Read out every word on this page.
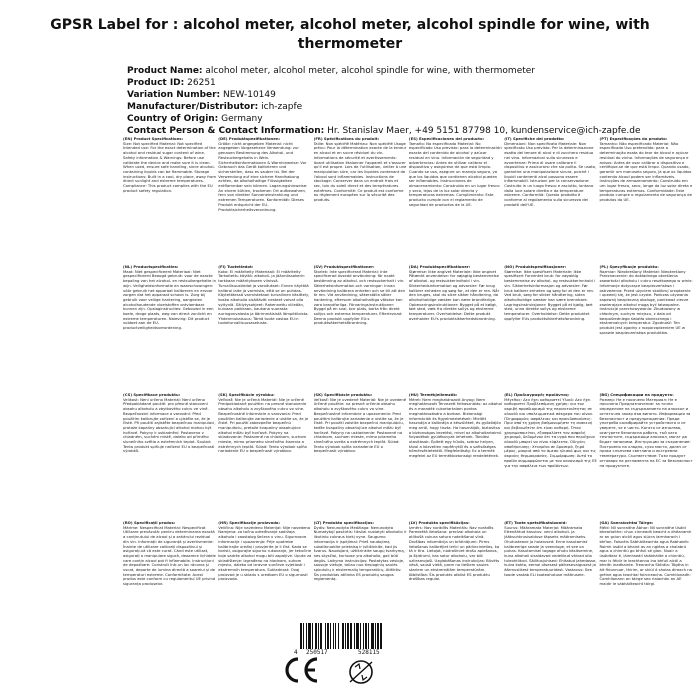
GPSR Label for : alcohol meter, alcohol meter, alcohol spindle for wine, with thermometer
Product Name: alcohol meter, alcohol meter, alcohol spindle for wine, with thermometer
Product ID: 26251
Variation Number: NEW-10149
Manufacturer/Distributor: ich-zapfe
Country of Origin: Germany
Contact Person & Contact Information: Hr. Stanislav Maer, +49 5151 87798 10, kundenservice@ich-zapfe.de
(EN) Product Specifications:
Size: Not specified Material: Not specified Intended use: For the exact determination of the alcohol and residual sugar content of wine. Safety information & Warnings: Before use calibrate the device and make sure it is clean. When used, ensure safe handling, since alcohol-containing liquids can be flammable. Storage instructions: Built in a cool, dry place, away from direct sunlight and extreme temperatures. Compliance: This product complies with the EU product safety regulation.
(DE) Produktspezifikationen:
Größe: nicht angegeben Material: nicht angegeben Vorgesehene Verwendung: zur genauen Bestimmung des Alkohol- und Restzuckergehalts in Wein. Sicherheitsinformationen & Warnhinweise: Vor Gebrauch das Gerät kalibrieren und sicherstellen, dass es sauber ist. Bei der Verwendung auf eine sichere Handhabung achten, da alkoholhaltige Flüssigkeiten entflammbar sein können. Lagerungshinweise: An einem kühlen, trockenen Ort aufbewahren, fern von direkter Sonneneinstrahlung und extremen Temperaturen. Konformität: Dieses Produkt entspricht der EU-Produktsicherheitsverordnung.
(FR) Spécifications du produit:
Taille: Non spécifié Matériau: Non spécifié Usage prévu: Pour la détermination exacte de la teneur en alcool et en sucre résiduel du vin. Informations de sécurité et avertissements: Avant utilisation étalonner l'appareil et s'assurer qu'il est propre. Lors de l'utilisation, veiller à une manipulation sûre, car les liquides contenant de l'alcool sont inflammables. Instructions de stockage: Conserver dans un endroit frais et sec, loin du soleil direct et des températures extrêmes. Conformité: Ce produit est conforme au règlement européen sur la sécurité des produits.
(ES) Especificaciones del producto:
Tamaño: No especificado Material: No especificado Uso previsto: para la determinación exacta del contenido de alcohol y azúcar residual en vino. Información de seguridad y advertencias: Antes de utilizar calibrar el dispositivo y asegúrese de que está limpio. Cuando se usa, asegure un manejo seguro, ya que los líquidos que contienen alcohol pueden ser inflamables. Instrucciones de almacenamiento: Construido en un lugar fresco y seco, lejos de la luz solar directa y temperaturas extremas. Cumplimiento: Este producto cumple con el reglamento de seguridad de productos de la UE.
(IT) Specifiche del prodotto:
Dimensioni: Non specificato Materiale: Non specificato Uso previsto: Per la determinazione esatta del tenore di alcol e di zucchero residuo nel vino. Informazioni sulla sicurezza e avvertenze: Prima di usare calibrare il dispositivo e assicurarsi che sia pulito. Se usato, garantire una manipolazione sicura, poiché i liquidi contenenti alcol possono essere infiammabili. Istruzioni per la conservazione: Costruito in un luogo fresco e asciutto, lontano dalla luce solare diretta e da temperature estreme. Conformità: Questo prodotto è conforme al regolamento sulla sicurezza dei prodotti dell'UE.
(PT) Especificações do produto:
Tamanho: Não especificado Material: Não especificado Uso pretendido: para a determinação exata do teor de álcool e açúcar residual do vinho. Informações de segurança e avisos: Antes de usar calibrar o dispositivo e certifique-se de que está limpo. Quando usado, garantir um manuseio seguro, já que os líquidos contendo álcool podem ser inflamáveis. Instruções de armazenamento: Construído em um lugar fresco, seco, longe da luz solar direta e temperaturas extremas. Conformidade: Este produto cumpre o regulamento de segurança de produtos da UE.
(NL) Productspecificaties:
Maat: Niet gespecificeerd Materiaal: Niet gespecificeerd Beoogd gebruik: voor de exacte bepaling van het alcohol- en restsuikergehalte in wijn. Veiligheidsinformatie en waarschuwingen: vóór gebruik het apparaat kalibreren en ervoor zorgen dat het apparaat schoon is. Zorg bij gebruik voor veilige hantering, aangezien alcoholhoudende vloeistoffen ontvlambaar kunnen zijn. Opslaginstructies: Gebouwd in een koele, droge plaats, weg van direct zonlicht en extreme temperaturen. Naleving: Dit product voldoet aan de EU-productveiligheidsverordening.
(FI) Tuotetiedot:
Koko: Ei määritelty Materiaali: Ei määritelty Tarkoitettu käyttö: alkoholi- ja jäännössokerin tarkkaan määritykseen viinissä. Turvallisuustiedot ja varoitukset: Ennen käyttöä kalibroi laite ja varmista, että se on puhdas. Käytettäessä varmistetaan turvallinen käsittely, koska alkoholia sisältävät nesteet voivat olla syttyviä. Säilytysohjeet: Rakennettu viileään, kuivaan paikkaan, kaukana suorasta auringonvalosta ja äärimmäisistä lämpötiloista. Yhdenmukaisuus: Tämä tuote vastaa EU:n tuoteturvallisuusasetusta.
(SV) Produktspecifikationer:
Storlek: Inte specificerad Material: Inte specificerad Avsedd användning: för exakt bestämning av alkohol- och restsockerhalt i vin. Säkerhetsinformation och varningar: Innan användning kalibrera enheten och se till att den är ren. Vid användning, säkerställa säker hantering, eftersom alkoholhaltiga vätskor kan vara brandfarliga. Förvaringsinstruktioner: Byggd på en sval, torr plats, borta från direkt solljus och extrema temperaturer. Efterlevnad: Denna produkt uppfyller EU:s produktsäkerhetsförordning.
(DA) Produktspecifikationer:
Størrelse: Ikke angivet Materiale: Ikke angivet Påtænkt anvendelse: for nøjagtig bestemmelse af alkohol- og restsukkerindhold i vin. Sikkerhedsinformation og advarsler: Før brug kalibrer enheden og sørg for, at den er ren. Når den bruges, skal du sikre sikker håndtering, da alkoholholdige væsker kan være brandfarlige. Opbevaringsinstruktioner: Bygget på et køligt, tørt sted, væk fra direkte sollys og ekstreme temperaturer. Overholdelse: Dette produkt overholder EU's produktsikkerhedsforordning.
(NO) Produktspesifikasjoner:
Størrelse: Ikke spesifisert Materiale: Ikke spesifisert Forventet bruk: for nøyaktig bestemmelse av alkohol- og restsukkerinnhold i vin. Sikkerhetsinformasjon og advarsler: Før bruk kalibrer enheten og sørg for at den er ren. Ved bruk, sørg for sikker håndtering, siden alkoholholdige væsker kan være brennbare. Lagringsinstruksjoner: Bygget på et kjølig, tørt sted, unna direkte sollys og ekstreme temperaturer. Overholdelse: Dette produktet oppfyller EUs produktsikkerhetsforordning.
(PL) Specyfikacje produktu:
Rozmiar: Nieokreślony Materiał: Nieokreślony Przeznaczenie: do dokładnego określenia zawartości alkoholu i cukru resztkowego w winie. Informacje dotyczące bezpieczeństwa i ostrzeżenia: Przed użyciem skalibruj urządzenie i upewnij się, że jest czyste. Podczas używania zapewnij bezpieczną obsługę, ponieważ ciecze zawierające alkohol mogą być łatwopalne. Instrukcje przechowywania: Zbudowany w chłodnym, suchym miejscu, z dala od bezpośredniego światła słonecznego i ekstremalnych temperatur. Zgodność: Ten produkt jest zgodny z rozporządzeniem UE w sprawie bezpieczeństwa produktów.
(CS) Specifikace produktu:
Velikost: Není určeno Materiál: Není určeno Předpokládané použití: pro přesné stanovení obsahu alkoholu a zbytkového cukru ve víně. Bezpečnostní informace a varování: Před použitím kalibrujte zařízení a ujistěte se, že je čisté. Při použití zajistěte bezpečnou manipulaci, protože kapaliny obsahující alkohol mohou být hořlavé. Pokyny k uskladnění: Postaveno v chladném, suchém místě, daleko od přímého slunečního světla a extrémních teplot. Soulad: Tento produkt splňuje nařízení EU o bezpečnosti výrobků.
(SK) Špecifikácie výrobku:
Veľkosť: Nie je určená Materiál: Nie je určené Predpokladané použitie: na presné stanovenie obsahu alkoholu a zvyškového cukru vo víne. Bezpečnostné informácie a varovania: Pred použitím kalibrujte zariadenie a uistite sa, že je čisté. Pri použití zabezpečte bezpečnú manipuláciu, pretože kvapaliny obsahujúce alkohol môžu byť horľavé. Pokyny na skladovanie: Postavené na chladnom, suchom mieste, mimo priameho slnečného žiarenia a extrémnych teplôt. Súlad: Tento výrobok spĺňa nariadenie EÚ o bezpečnosti výrobkov.
(SK) Špecifikácie produktu:
Veľkosť: Nie je uvedené Materiál: Nie je uvedené Určené použitie: na presné určenie obsahu alkoholu a zvyškového cukru vo víne. Bezpečnostné informácie a upozornenia: Pred použitím kalibrujte zariadenie a uistite sa, že je čisté. Pri použití zaistite bezpečnú manipuláciu, keďže kvapaliny obsahujúce alkohol môžu byť horľavé. Pokyny na uskladnenie: Postavené na chladnom, suchom mieste, mimo priameho slnečného svetla a extrémnych teplôt. Súlad: Tento výrobok spĺňa nariadenie EÚ o bezpečnosti výrobkov.
(HU) Termékjellemzők:
Méret: Nem meghatározott Anyag: Nem meghatározott Tervezett felhasználás: az alkohol és a maradék cukortartalom pontos meghatározására a borban. Biztonsági információk és figyelmeztetések: Mielőtt használja a kalibrálja a készüléket, és győződjön meg arról, hogy tiszta. Ha használják, biztosítsa a biztonságos kezelést, mivel az alkoholtartalmú folyadékok gyúlékonyak lehetnek. Tárolási utasítások: Épített egy hűvös, száraz helyen, távol a közvetlen napfénytől és a szélsőséges hőmérsékletektől. Megfelelőség: Ez a termék megfelel az EU termékbiztonsági rendeletének.
(EL) Προδιαγραφές προϊόντος:
Μέγεθος: Δεν έχει καθοριστεί Υλικό: Δεν έχει καθοριστεί Προβλεπόμενη χρήση: για τον ακριβή προσδιορισμό της περιεκτικότητας σε αλκοόλ και υπολειμματικά σάκχαρα του οίνου. Πληροφορίες ασφάλειας και προειδοποιήσεις: Πριν από τη χρήση βαθμονομήστε τη συσκευή και βεβαιωθείτε ότι είναι καθαρή. Όταν χρησιμοποιείται, εξασφαλίστε τον ασφαλή χειρισμό, δεδομένου ότι τα υγρά που περιέχουν αλκοόλ μπορεί να είναι εύφλεκτα. Οδηγίες αποθήκευσης: Χτισμένο σε δροσερό, ξηρό μέρος, μακριά από το άμεσο ηλιακό φως και τις ακραίες θερμοκρασίες. Συμμόρφωση: Αυτό το προϊόν συμμορφώνεται με τον κανονισμό της ΕΕ για την ασφάλεια των προϊόντων.
(BG) Спецификации на продукта:
Размер: Не е посочено Материал: Не е посочено Предназначение: за точно определяне на съдържанието на алкохол и остатъчна захар във виното. Информация за безопасност и предупреждения: Преди употреба калибрирайте устройството и се уверете, че е чисто. Когато се използва, осигурете безопасна работа, тъй като течностите, съдържащи алкохол, могат да бъдат запалими. Инструкции за съхранение: Построено на хладно, сухо място, далеч от пряка слънчева светлина и екстремни температури. Съответствие: Този продукт отговаря на регламента на ЕС за безопасност на продуктите.
(RO) Specificații produs:
Mărime: Nespecificat Material: Nespecificat Utilizare prevăzută: pentru determinarea exactă a conținutului de alcool și a zahărului rezidual din vin. Informații de siguranță și avertismente: Înainte de utilizare calibrați dispozitivul și asigurați-vă că este curat. Când este utilizat, asigurați o manipulare sigură, deoarece lichidele care conțin alcool pot fi inflamabile. Instrucțiuni de depozitare: Construit într-un loc răcoros și uscat, departe de lumina directă a soarelui și de temperaturi extreme. Conformitate: Acest produs este conform cu regulamentul UE privind siguranța produselor.
(HR) Specifikacije proizvoda:
Veličina: Nije navedeno Materijal: Nije navedeno Namjena: za točno određivanje sadržaja alkohola i zaostalog šećera u vinu. Sigurnosne informacije i upozorenja: Prije upotrebe kalibrirajte uređaj i provjerite je li čist. Kada se koristi, osigurajte sigurno rukovanje, jer tekućine koje sadrže alkohol mogu biti zapaljive. Upute za skladištenje: Izgrađeno na hladnom, suhom mjestu, daleko od izravne sunčeve svjetlosti i ekstremnih temperatura. Sukladnost: Ovaj proizvod je u skladu s uredbom EU o sigurnosti proizvoda.
(LT) Produkto specifikacijos:
Dydis: Nenurodyta Medžiaga: Nenurodyta Numatytoji paskirtis: tiksliai nustatyti alkoholio ir likutinio cukraus kiekį vyne. Saugumo informacija ir įspėjimai: Prieš naudojimą sukalibruokite prietaisą ir įsitikinkite, kad jis švarus. Naudojant, užtikrinkite saugų tvarkymą, nes skysčiai, kuriuose yra alkoholio, gali būti degūs. Laikymo instrukcijos: Pastatytas vėsioje, sausoje vietoje, toliau nuo tiesioginių saulės spindulių ir ekstremalių temperatūrų. Atitiktis: Šis produktas atitinka ES produktų saugos reglamentą.
(LV) Produkta specifikācijas:
Izmērs: Nav norādīts Materiāls: Nav norādīts Paredzētā lietošana: precīzai alkohola un atlikušā cukura satura noteikšanai vīnā. Drošības informācija un brīdinājumi: Pirms lietošanas kalibrējiet ierīci un pārliecinieties, ka tā ir tīra. Lietojot, nodrošiniet drošu apiešanos, jo šķidrumi, kas satur alkoholu, var būt uzliesmojoši. Uzglabāšanas instrukcijas: Būvēts vēsā, sausā vietā, prom no tiešiem saules stariem un ekstremālām temperatūrām. Atbilstība: Šis produkts atbilst ES produktu drošības regulai.
(ET) Toote spetsifikatsioonid:
Suurus: Määramata Materjal: Määramata Ettenähtud kasutus: veini alkoholi- ja jääksuhkrusisalduse täpseks määramiseks. Ohutusteave ja hoiatused: Enne kasutamist kalibreerige seade ja veenduge, et see on puhas. Kasutamisel tagage ohutu käsitsemine, kuna alkoholi sisaldavad vedelikud võivad olla tuleohtlikud. Säilitusjuhised: Ehitatud jahedasse, kuiva kohta, eemal otsesest päikesevalgusest ja äärmuslikest temperatuuridest. Vastavus: See toode vastab ELi tooteohutuse määrusele.
(GA) Sonraíochtaí Táirge:
Méid: Níl sonraithe Ábhar: Níl sonraithe Úsáid bheartaithe: chun cinneadh beacht a dhéanamh ar an gcion alcóil agus siúcra iarmharach i bhfíon. Faisnéis Sábháilteachta agus Rabhaidh: Roimh úsáid a bhaint as an ngléas a chalabrú agus a chinntiú go bhfuil sé glan. Nuair a úsáidtear é, láimhseáil shábháilte a chinntiú, mar is féidir le leachtanna ina bhfuil alcól a bheith inadhainte. Treoracha Stórála: Tógtha in áit fhionnuar, thirim, ar shiúl ó sholas díreach na gréine agus teochtaí foircneacha. Comhlíonadh: Comhlíonann an táirge seo rialachán an AE maidir le sábháilteacht táirgí.
4 250517	528115
